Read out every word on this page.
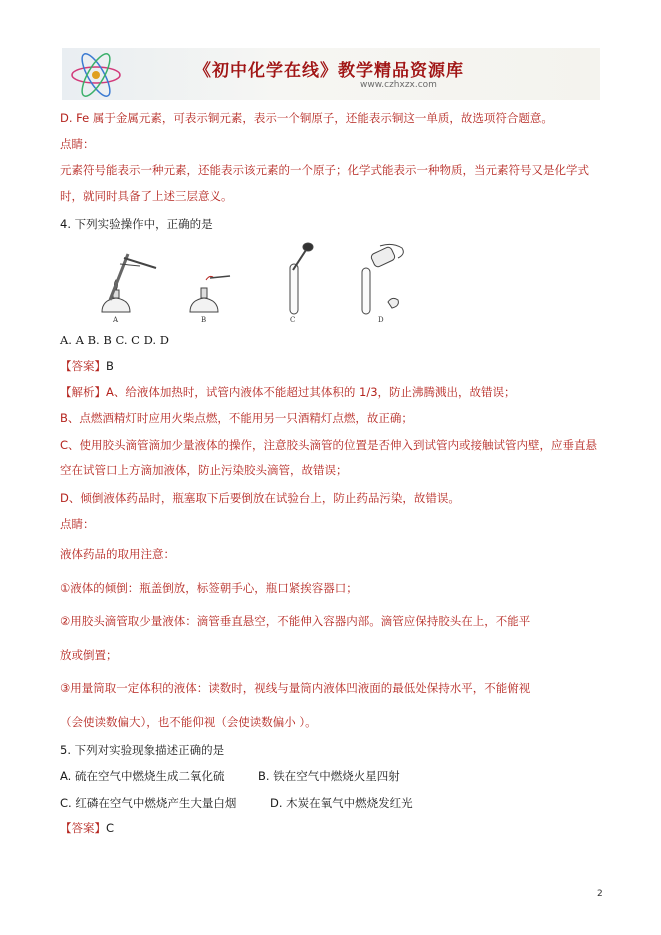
《初中化学在线》教学精品资源库
www.czhxzx.com
D. Fe 属于金属元素，可表示铜元素，表示一个铜原子，还能表示铜这一单质，故选项符合题意。
点睛：
元素符号能表示一种元素，还能表示该元素的一个原子；化学式能表示一种物质，当元素符号又是化学式
时，就同时具备了上述三层意义。
4. 下列实验操作中，正确的是
A	B	C	D
A. A B. B C. C D. D
【答案】B
【解析】A、给液体加热时，试管内液体不能超过其体积的 1/3，防止沸腾溅出，故错误；
B、点燃酒精灯时应用火柴点燃，不能用另一只酒精灯点燃，故正确；
C、使用胶头滴管滴加少量液体的操作，注意胶头滴管的位置是否伸入到试管内或接触试管内壁，应垂直悬
空在试管口上方滴加液体，防止污染胶头滴管，故错误；
D、倾倒液体药品时，瓶塞取下后要倒放在试验台上，防止药品污染，故错误。
点睛：
液体药品的取用注意：
①液体的倾倒：瓶盖倒放，标签朝手心，瓶口紧挨容器口；
②用胶头滴管取少量液体：滴管垂直悬空，不能伸入容器内部。滴管应保持胶头在上，不能平
放或倒置；
③用量筒取一定体积的液体：读数时，视线与量筒内液体凹液面的最低处保持水平，不能俯视
（会使读数偏大），也不能仰视（会使读数偏小 ）。
5. 下列对实验现象描述正确的是
A. 硫在空气中燃烧生成二氧化硫	B. 铁在空气中燃烧火星四射
C. 红磷在空气中燃烧产生大量白烟	D. 木炭在氧气中燃烧发红光
【答案】C
2
